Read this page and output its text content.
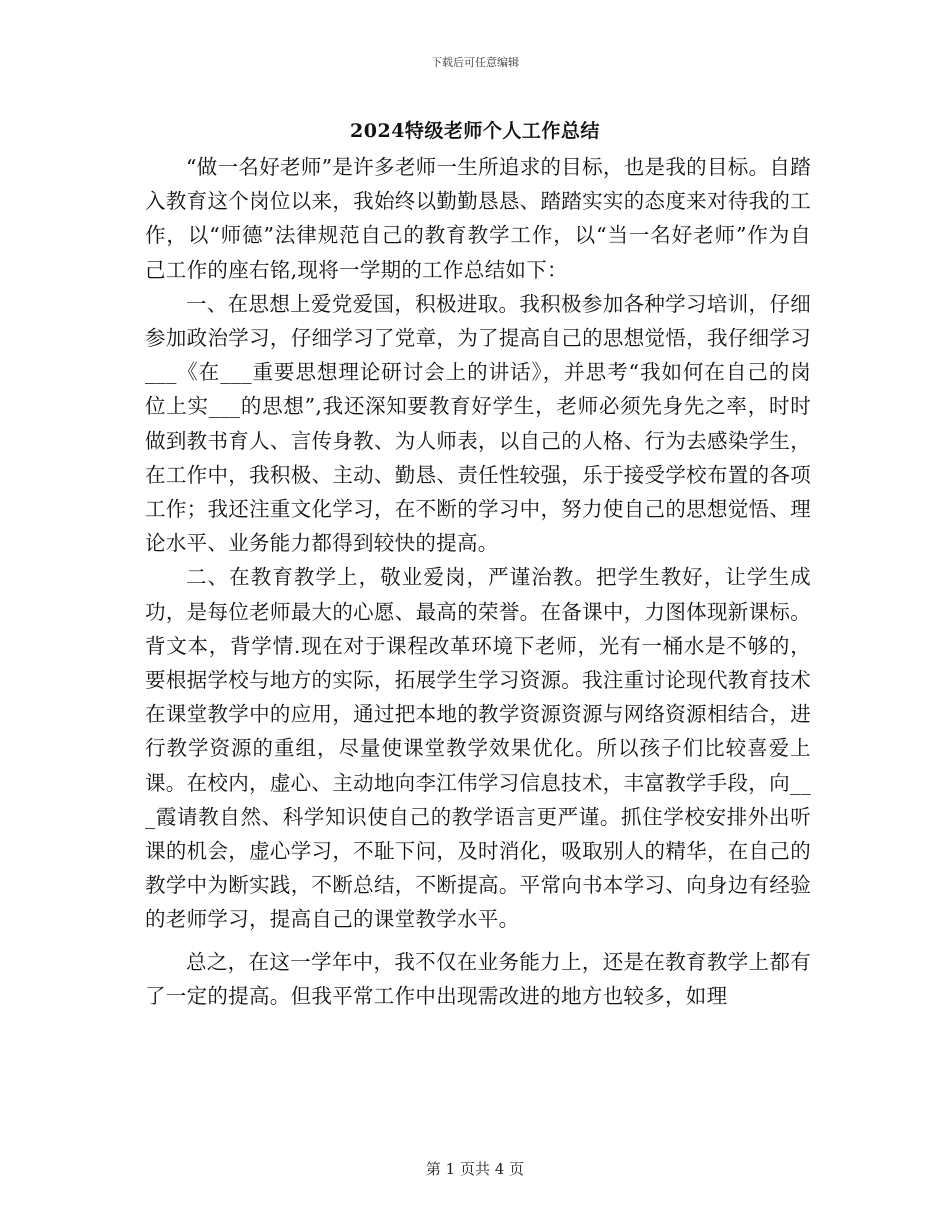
下载后可任意编辑
2024特级老师个人工作总结

“做一名好老师”是许多老师一生所追求的目标，也是我的目标。自踏入教育这个岗位以来，我始终以勤勤恳恳、踏踏实实的态度来对待我的工作，以“师德”法律规范自己的教育教学工作，以“当一名好老师”作为自己工作的座右铭,现将一学期的工作总结如下：

一、在思想上爱党爱国，积极进取。我积极参加各种学习培训，仔细参加政治学习，仔细学习了党章，为了提高自己的思想觉悟，我仔细学习___《在___重要思想理论研讨会上的讲话》，并思考“我如何在自己的岗位上实___的思想”,我还深知要教育好学生，老师必须先身先之率，时时做到教书育人、言传身教、为人师表，以自己的人格、行为去感染学生，在工作中，我积极、主动、勤恳、责任性较强，乐于接受学校布置的各项工作；我还注重文化学习，在不断的学习中，努力使自己的思想觉悟、理论水平、业务能力都得到较快的提高。

二、在教育教学上，敬业爱岗，严谨治教。把学生教好，让学生成功，是每位老师最大的心愿、最高的荣誉。在备课中，力图体现新课标。背文本，背学情.现在对于课程改革环境下老师，光有一桶水是不够的，要根据学校与地方的实际，拓展学生学习资源。我注重讨论现代教育技术在课堂教学中的应用，通过把本地的教学资源资源与网络资源相结合，进行教学资源的重组，尽量使课堂教学效果优化。所以孩子们比较喜爱上课。在校内，虚心、主动地向李江伟学习信息技术，丰富教学手段，向___霞请教自然、科学知识使自己的教学语言更严谨。抓住学校安排外出听课的机会，虚心学习，不耻下问，及时消化，吸取别人的精华，在自己的教学中为断实践，不断总结，不断提高。平常向书本学习、向身边有经验的老师学习，提高自己的课堂教学水平。

总之，在这一学年中，我不仅在业务能力上，还是在教育教学上都有了一定的提高。但我平常工作中出现需改进的地方也较多，如理

第 1 页共 4 页
